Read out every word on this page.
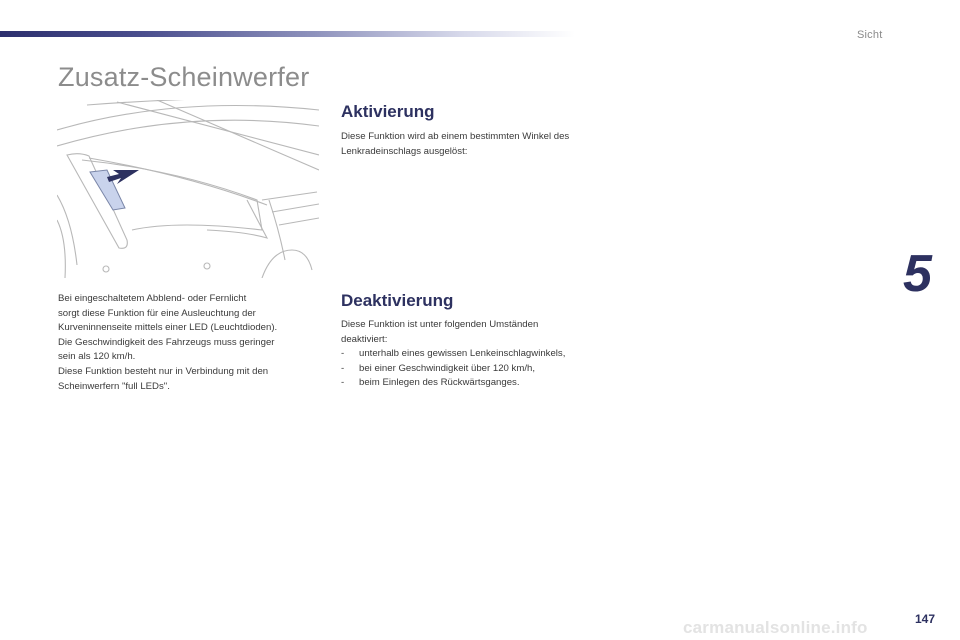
Sicht
Zusatz-Scheinwerfer

Bei eingeschaltetem Abblend- oder Fernlicht

sorgt diese Funktion für eine Ausleuchtung der

Kurveninnenseite mittels einer LED (Leuchtdioden).

Die Geschwindigkeit des Fahrzeugs muss geringer

sein als 120 km/h.

Diese Funktion besteht nur in Verbindung mit den

Scheinwerfern "full LEDs".

Aktivierung
Diese Funktion wird ab einem bestimmten Winkel des
Lenkradeinschlags ausgelöst:
Deaktivierung
Diese Funktion ist unter folgenden Umständen
deaktiviert:
-	unterhalb eines gewissen Lenkeinschlagwinkels,
-	bei einer Geschwindigkeit über 120 km/h,
-	beim Einlegen des Rückwärtsganges.
5
carmanualsonline.info	147
